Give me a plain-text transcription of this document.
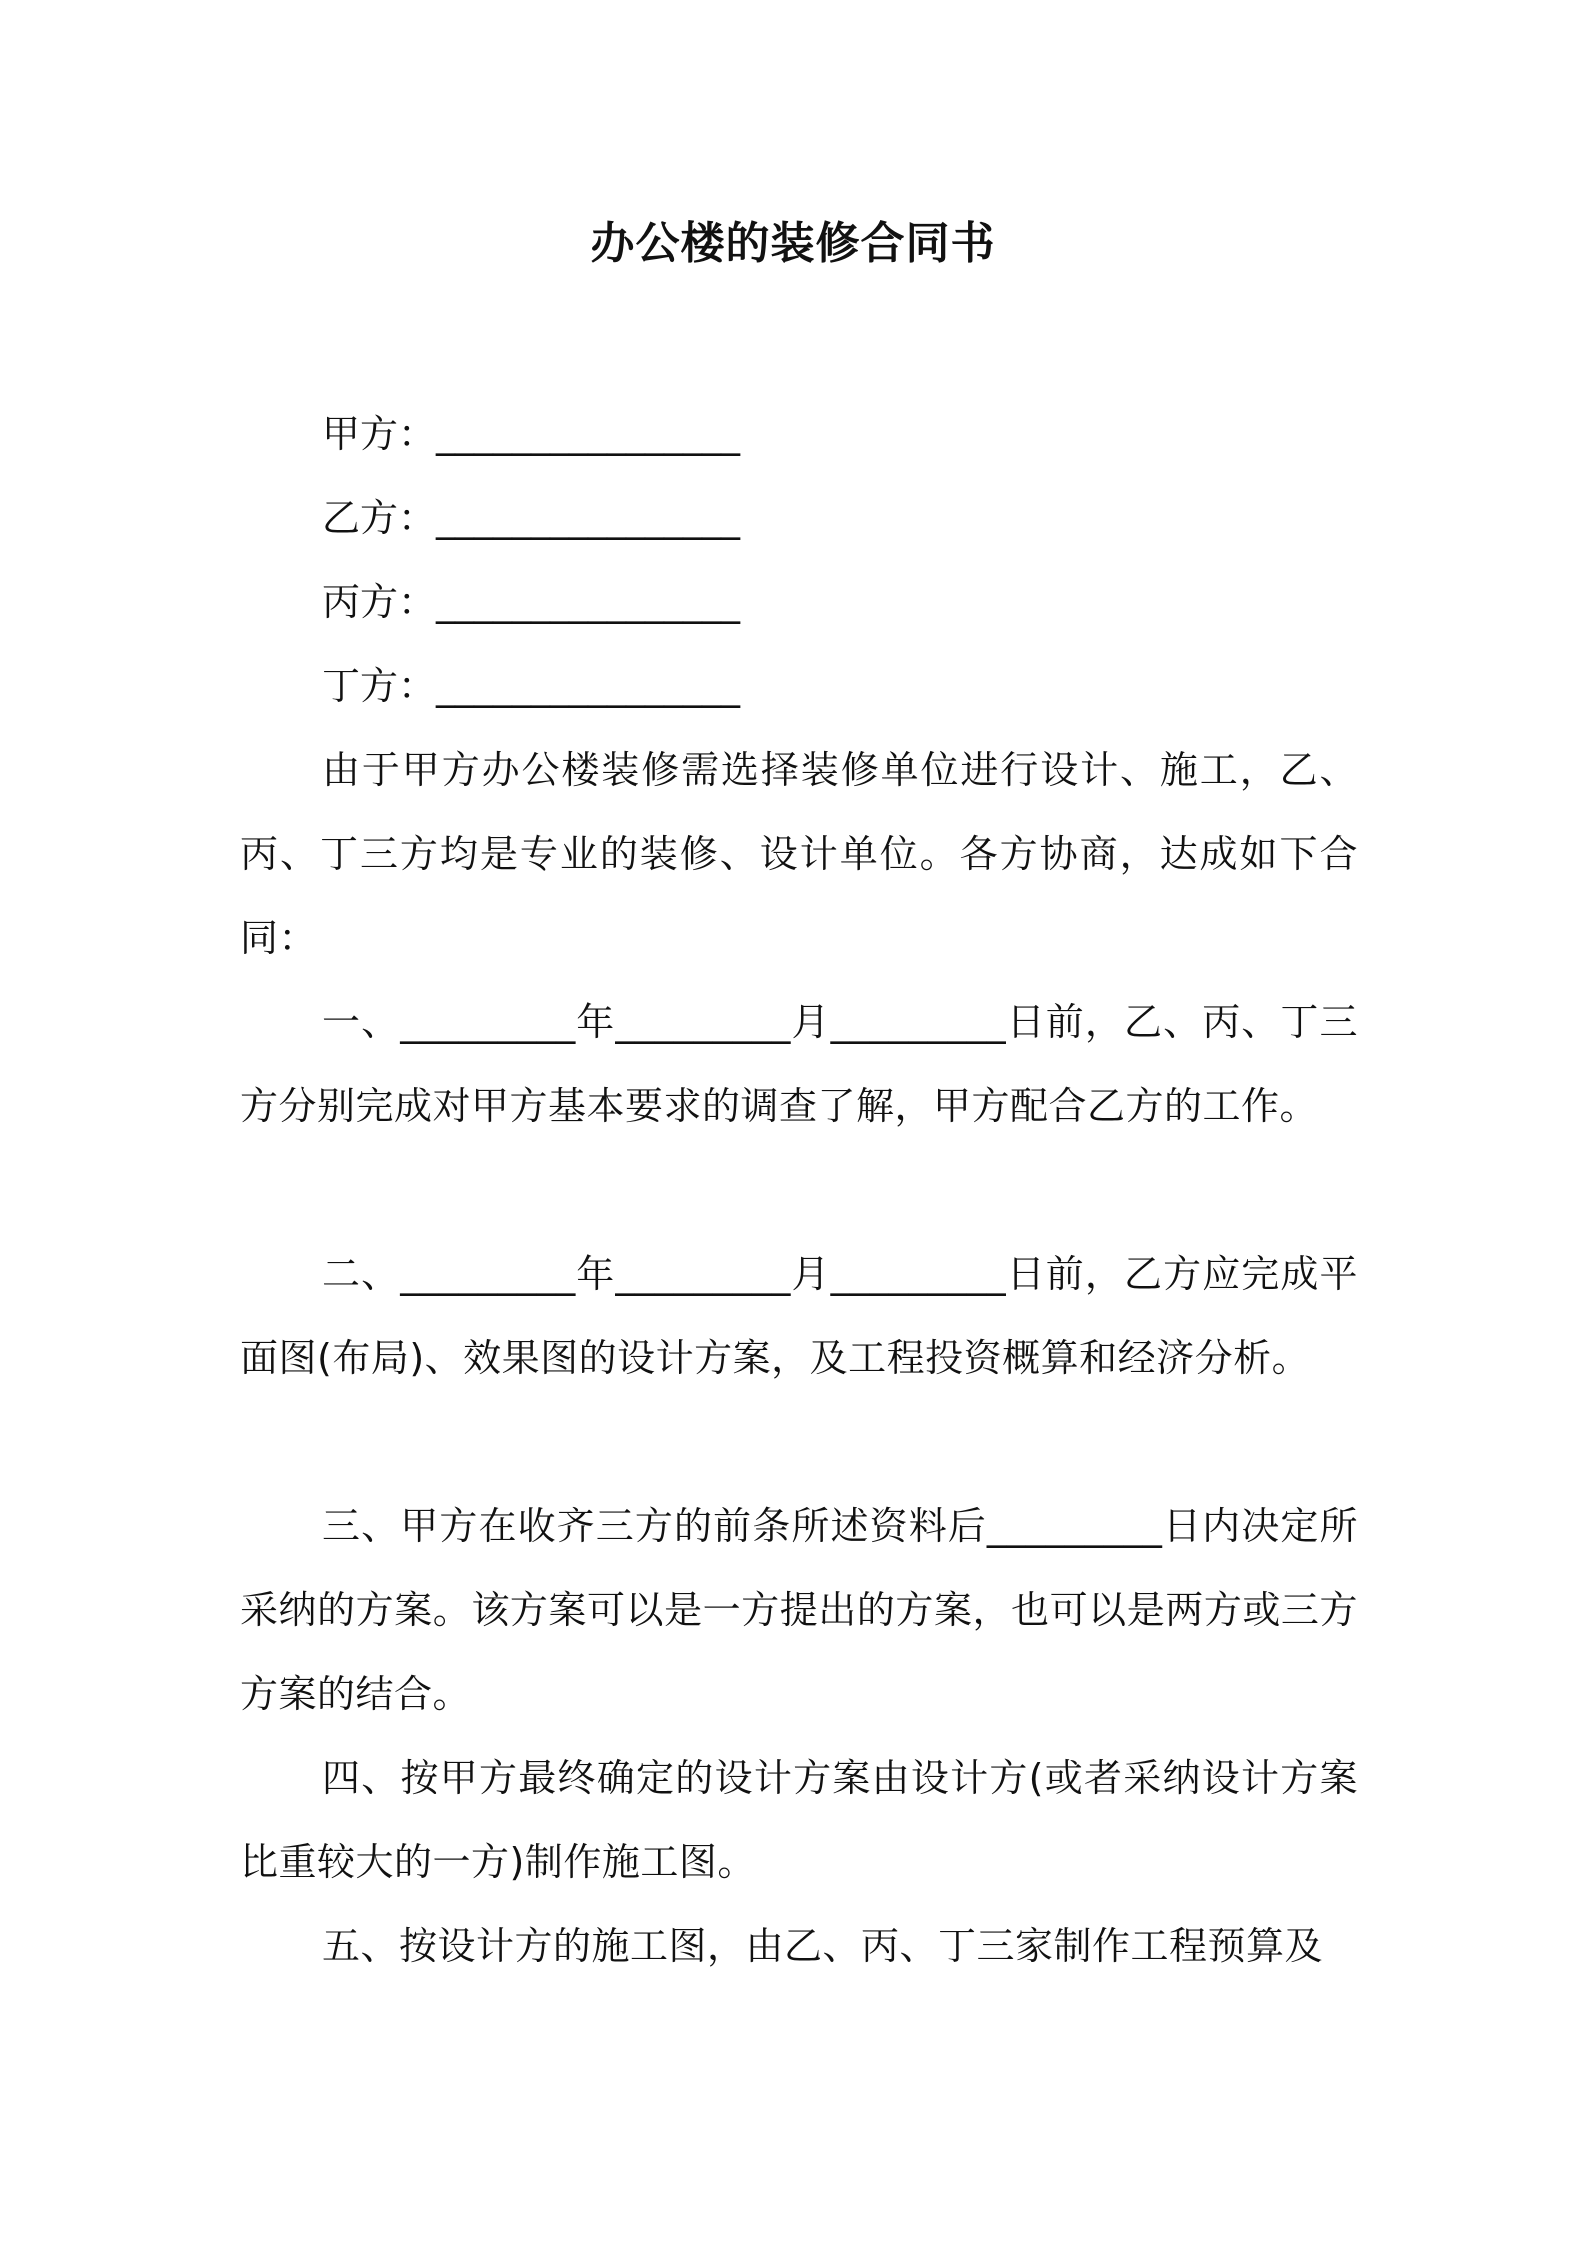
办公楼的装修合同书

甲方：________________

乙方：________________

丙方：________________

丁方：________________

由于甲方办公楼装修需选择装修单位进行设计、施工，乙、丙、丁三方均是专业的装修、设计单位。各方协商，达成如下合同：

一、_________年_________月_________日前，乙、丙、丁三方分别完成对甲方基本要求的调查了解，甲方配合乙方的工作。

二、_________年_________月_________日前，乙方应完成平面图(布局)、效果图的设计方案，及工程投资概算和经济分析。

三、甲方在收齐三方的前条所述资料后_________日内决定所采纳的方案。该方案可以是一方提出的方案，也可以是两方或三方方案的结合。

四、按甲方最终确定的设计方案由设计方(或者采纳设计方案比重较大的一方)制作施工图。

五、按设计方的施工图，由乙、丙、丁三家制作工程预算及
